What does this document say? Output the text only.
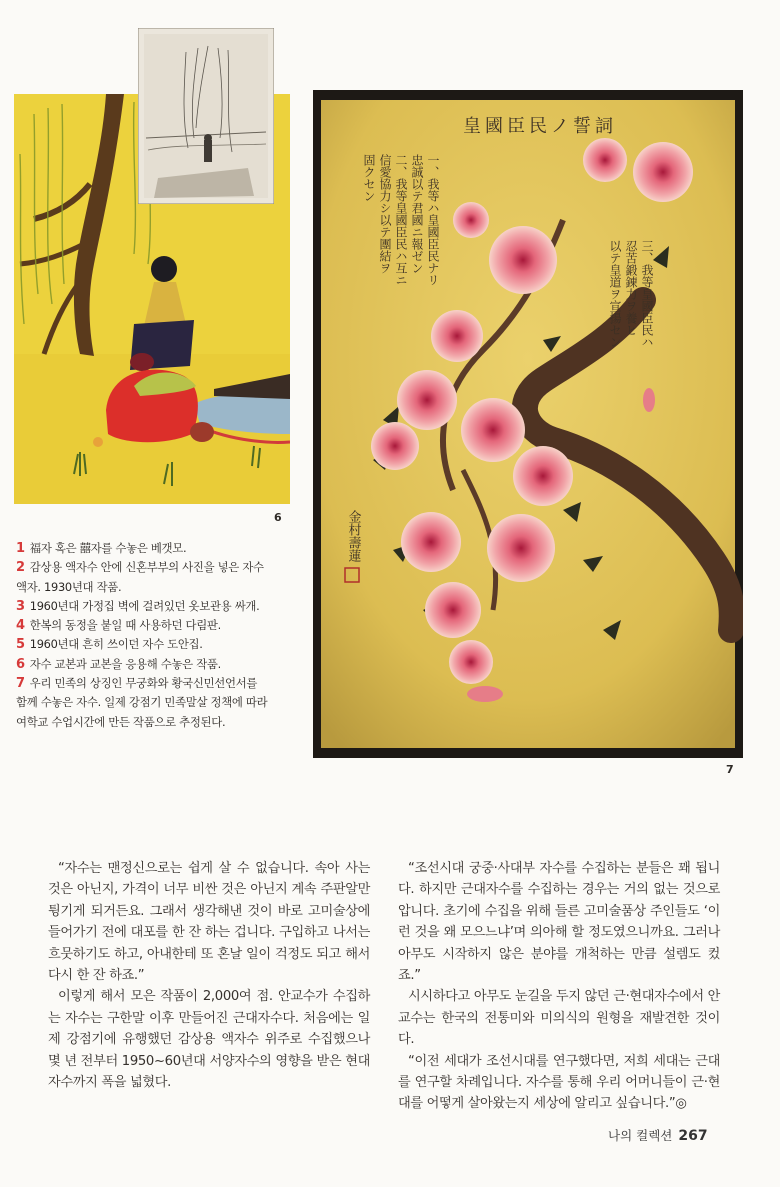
6
皇國臣民ノ誓詞
一、我等ハ皇國臣民ナリ
忠誠以テ君國ニ報ゼン
二、我等皇國臣民ハ互ニ
信愛協力シ以テ團結ヲ
固クセン
三、我等皇國臣民ハ
忍苦鍛錬力ヲ養ヒ
以テ皇道ヲ宣揚セン
金村壽蓮
7

1 福자 혹은 囍자를 수놓은 베갯모.

2 감상용 액자수 안에 신혼부부의 사진을 넣은 자수 액자. 1930년대 작품.

3 1960년대 가정집 벽에 걸려있던 옷보관용 싸개.

4 한복의 동정을 붙일 때 사용하던 다림판.

5 1960년대 흔히 쓰이던 자수 도안집.

6 자수 교본과 교본을 응용해 수놓은 작품.

7 우리 민족의 상징인 무궁화와 황국신민선언서를 함께 수놓은 자수. 일제 강점기 민족말살 정책에 따라 여학교 수업시간에 만든 작품으로 추정된다.

“자수는 맨정신으로는 쉽게 살 수 없습니다. 속아 사는 것은 아닌지, 가격이 너무 비싼 것은 아닌지 계속 주판알만 튕기게 되거든요. 그래서 생각해낸 것이 바로 고미술상에 들어가기 전에 대포를 한 잔 하는 겁니다. 구입하고 나서는 흐뭇하기도 하고, 아내한테 또 혼날 일이 걱정도 되고 해서 다시 한 잔 하죠.”

이렇게 해서 모은 작품이 2,000여 점. 안교수가 수집하는 자수는 구한말 이후 만들어진 근대자수다. 처음에는 일제 강점기에 유행했던 감상용 액자수 위주로 수집했으나 몇 년 전부터 1950~60년대 서양자수의 영향을 받은 현대자수까지 폭을 넓혔다.

“조선시대 궁중·사대부 자수를 수집하는 분들은 꽤 됩니다. 하지만 근대자수를 수집하는 경우는 거의 없는 것으로 압니다. 초기에 수집을 위해 들른 고미술품상 주인들도 ‘이런 것을 왜 모으느냐’며 의아해 할 정도였으니까요. 그러나 아무도 시작하지 않은 분야를 개척하는 만큼 설렘도 컸죠.”

시시하다고 아무도 눈길을 두지 않던 근·현대자수에서 안교수는 한국의 전통미와 미의식의 원형을 재발견한 것이다.

“이전 세대가 조선시대를 연구했다면, 저희 세대는 근대를 연구할 차례입니다. 자수를 통해 우리 어머니들이 근·현대를 어떻게 살아왔는지 세상에 알리고 싶습니다.”◎

나의 컬렉션 267
